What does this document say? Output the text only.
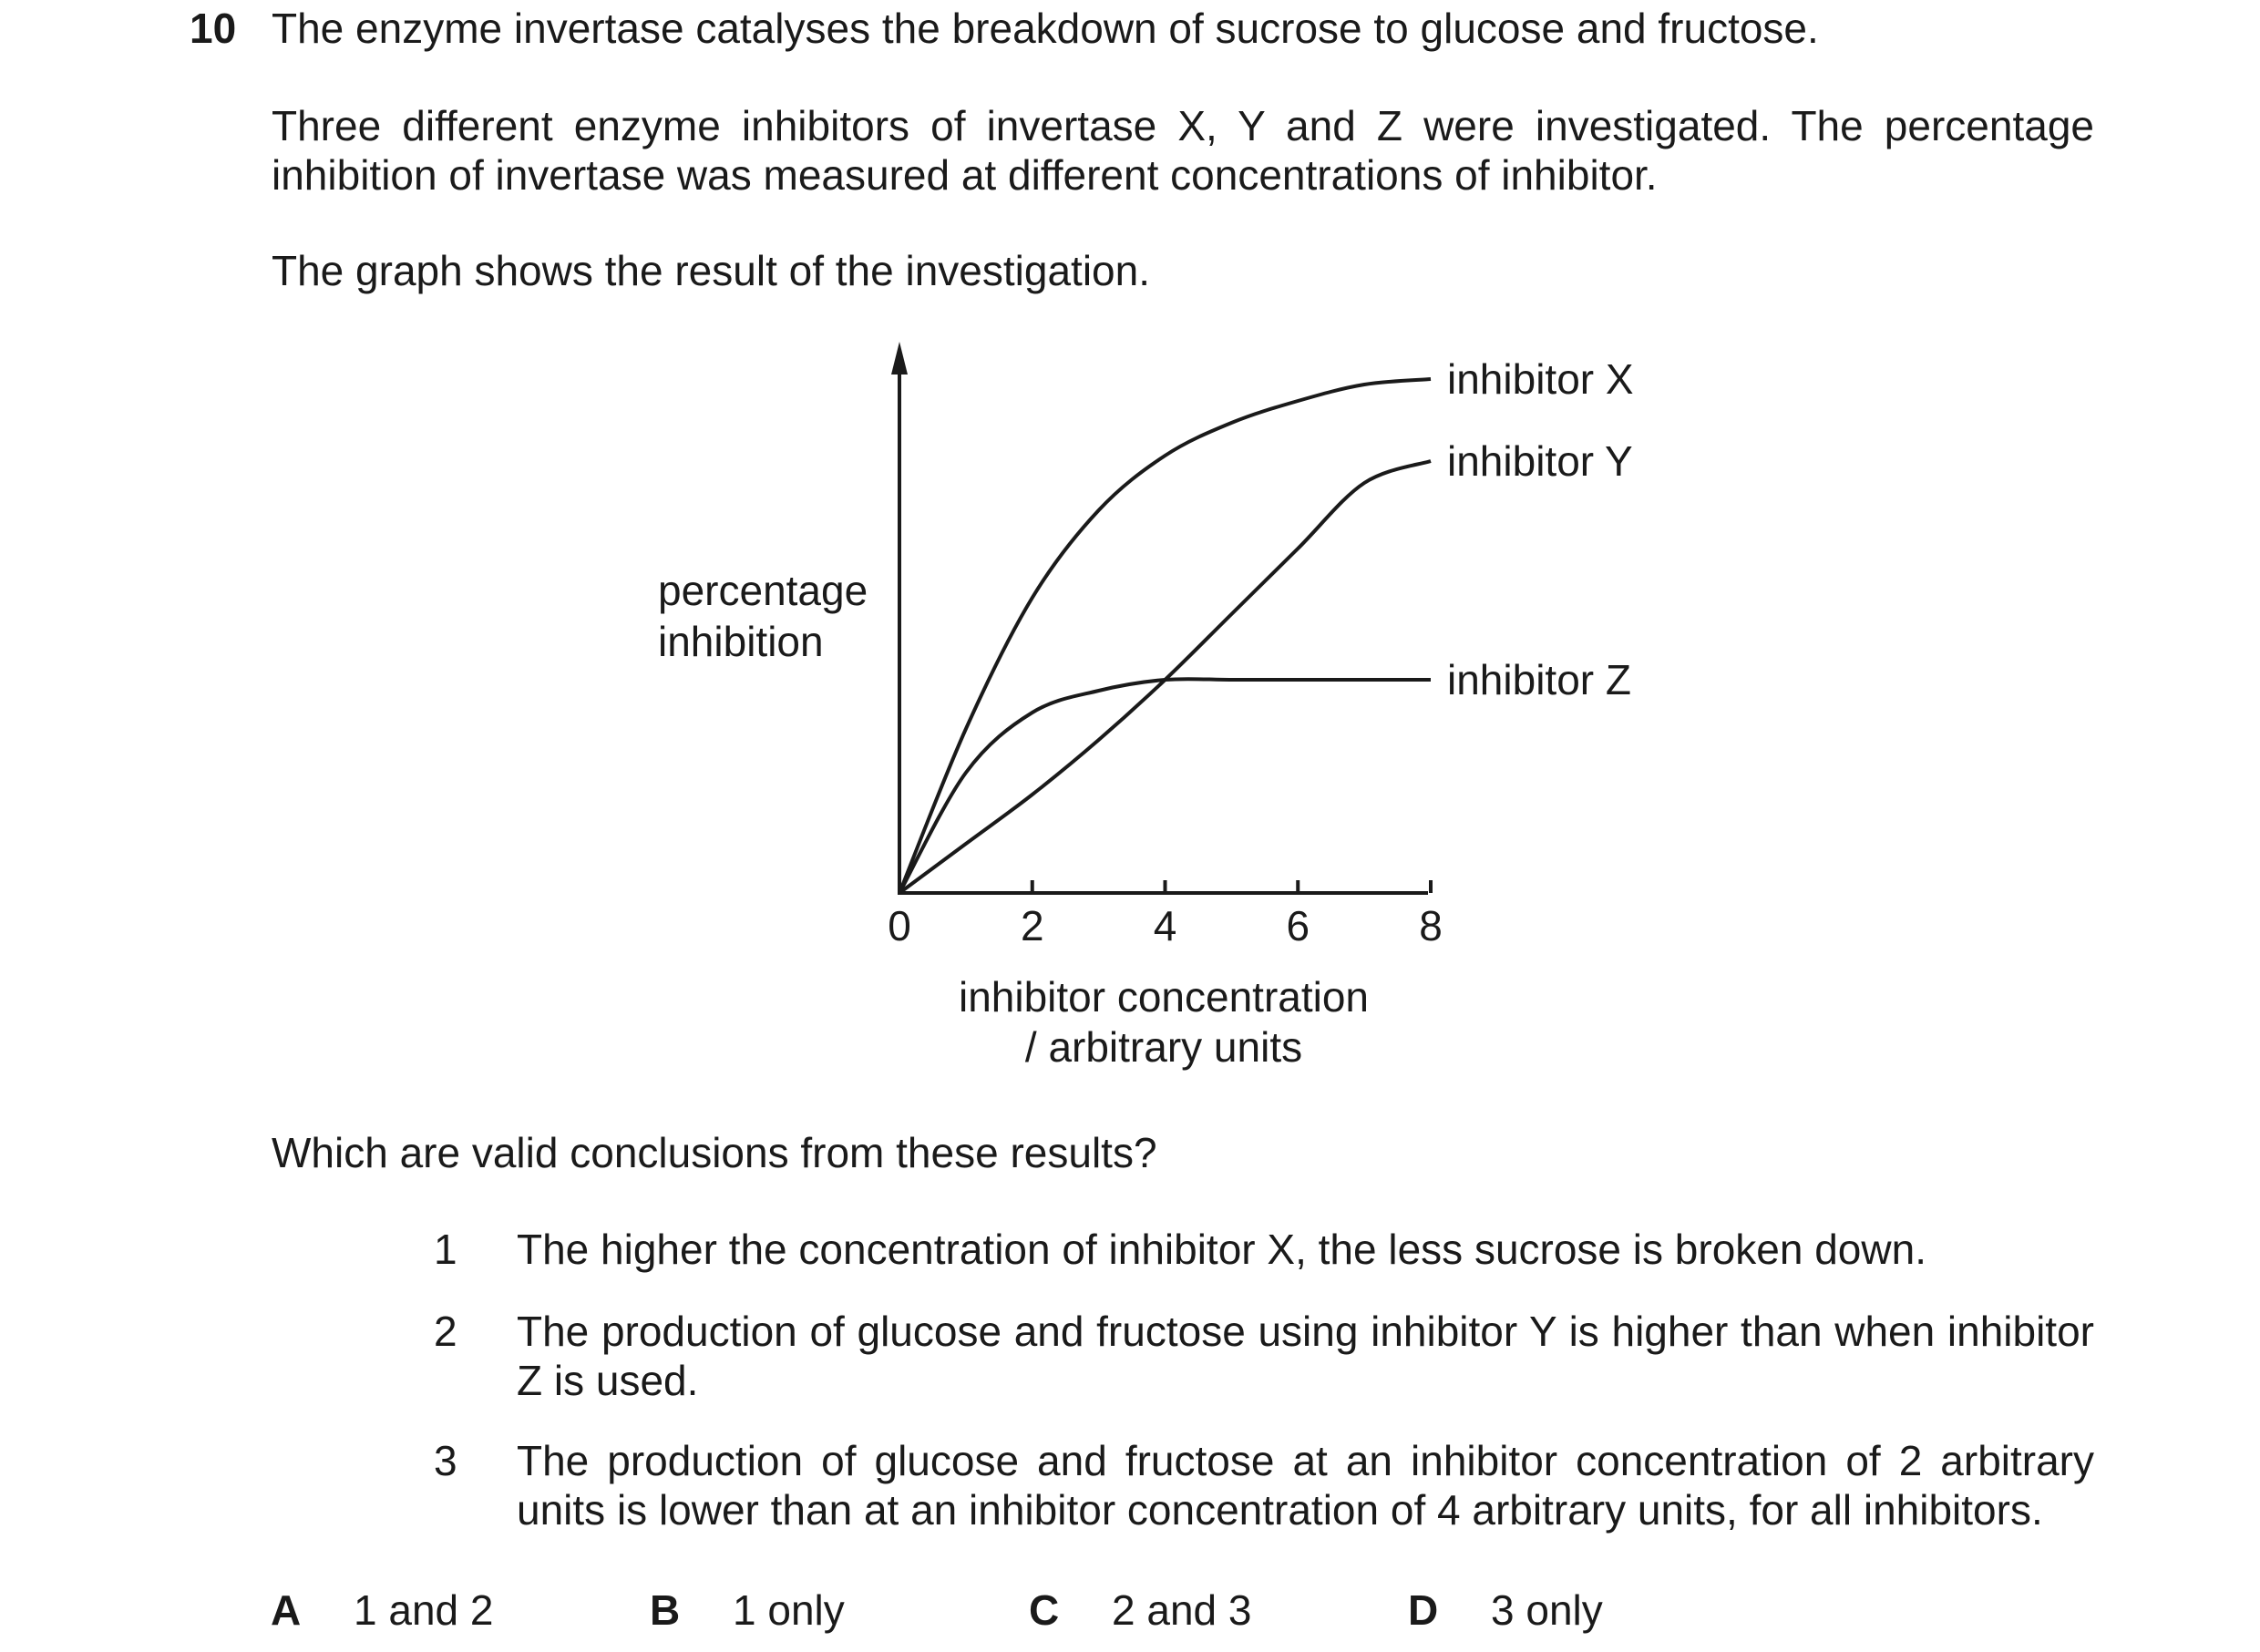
10 The enzyme invertase catalyses the breakdown of sucrose to glucose and fructose.
Three different enzyme inhibitors of invertase X, Y and Z were investigated. The percentage inhibition of invertase was measured at different concentrations of inhibitor.
The graph shows the result of the investigation.
0	2	4	6	8
inhibitor X
inhibitor Y
inhibitor Z
percentage
inhibition
inhibitor concentration
/ arbitrary units
Which are valid conclusions from these results?
1 The higher the concentration of inhibitor X, the less sucrose is broken down.
2 The production of glucose and fructose using inhibitor Y is higher than when inhibitor Z is used.
3 The production of glucose and fructose at an inhibitor concentration of 2 arbitrary units is lower than at an inhibitor concentration of 4 arbitrary units, for all inhibitors.
A 1 and 2	B 1 only	C 2 and 3	D 3 only
